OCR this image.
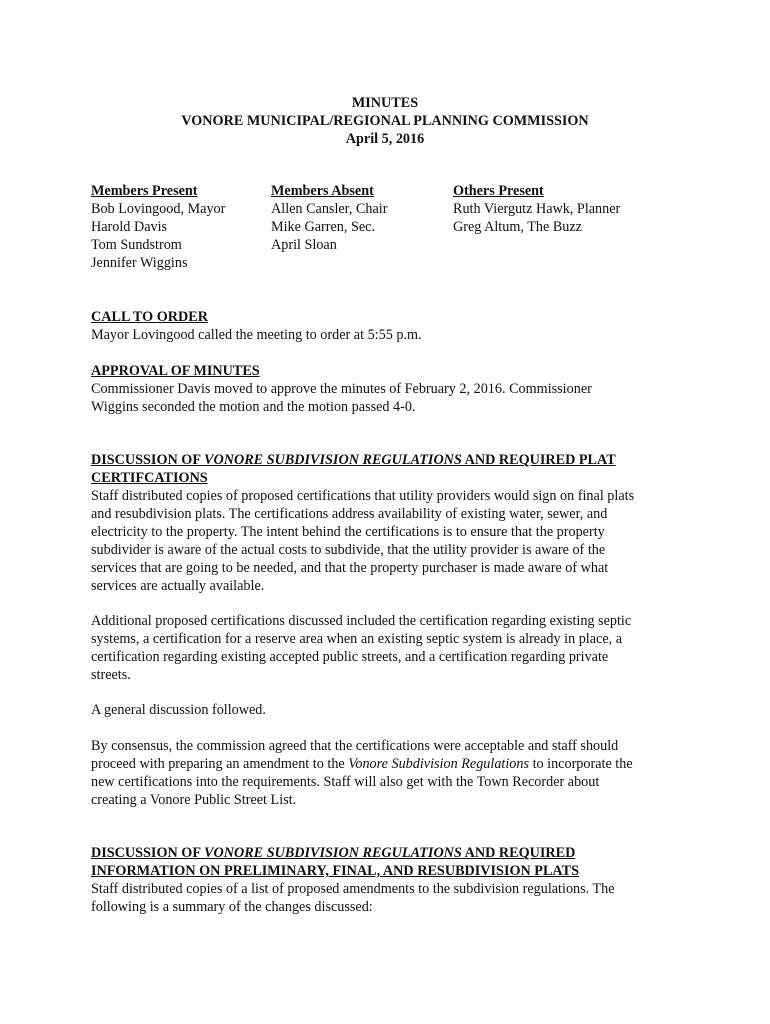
MINUTES
VONORE MUNICIPAL/REGIONAL PLANNING COMMISSION
April 5, 2016
Members Present
Bob Lovingood, Mayor
Harold Davis
Tom Sundstrom
Jennifer Wiggins
Members Absent
Allen Cansler, Chair
Mike Garren, Sec.
April Sloan
Others Present
Ruth Viergutz Hawk, Planner
Greg Altum, The Buzz
CALL TO ORDER

Mayor Lovingood called the meeting to order at 5:55 p.m.

APPROVAL OF MINUTES
Commissioner Davis moved to approve the minutes of February 2, 2016. Commissioner
Wiggins seconded the motion and the motion passed 4-0.
DISCUSSION OF VONORE SUBDIVISION REGULATIONS AND REQUIRED PLAT
CERTIFCATIONS
Staff distributed copies of proposed certifications that utility providers would sign on final plats
and resubdivision plats. The certifications address availability of existing water, sewer, and
electricity to the property. The intent behind the certifications is to ensure that the property
subdivider is aware of the actual costs to subdivide, that the utility provider is aware of the
services that are going to be needed, and that the property purchaser is made aware of what
services are actually available.
Additional proposed certifications discussed included the certification regarding existing septic
systems, a certification for a reserve area when an existing septic system is already in place, a
certification regarding existing accepted public streets, and a certification regarding private
streets.
A general discussion followed.
By consensus, the commission agreed that the certifications were acceptable and staff should
proceed with preparing an amendment to the Vonore Subdivision Regulations to incorporate the
new certifications into the requirements. Staff will also get with the Town Recorder about
creating a Vonore Public Street List.
DISCUSSION OF VONORE SUBDIVISION REGULATIONS AND REQUIRED
INFORMATION ON PRELIMINARY, FINAL, AND RESUBDIVISION PLATS
Staff distributed copies of a list of proposed amendments to the subdivision regulations. The
following is a summary of the changes discussed:
